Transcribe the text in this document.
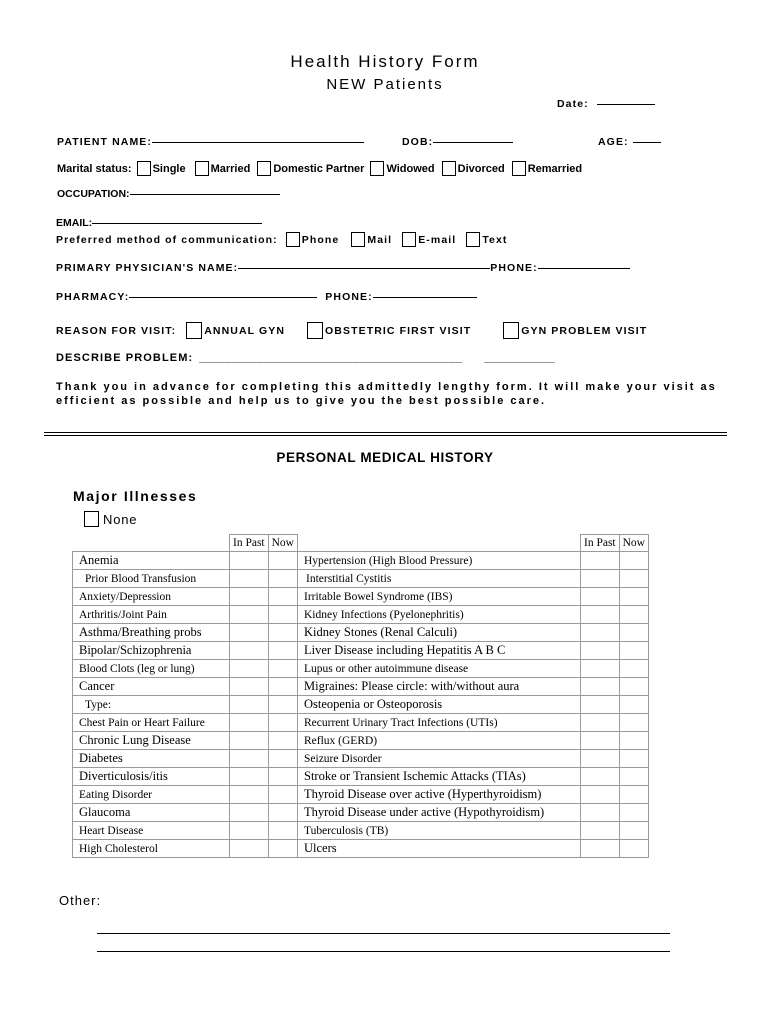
Health History Form
NEW Patients
Date:
PATIENT NAME:	DOB:	AGE:
Marital status: Single Married Domestic Partner Widowed Divorced Remarried
OCCUPATION:
EMAIL:
Preferred method of communication: Phone	Mail E-mail Text
PRIMARY PHYSICIAN'S NAME:	PHONE:
PHARMACY:	PHONE:
REASON FOR VISIT:	ANNUAL GYN	OBSTETRIC FIRST VISIT	GYN PROBLEM VISIT
DESCRIBE PROBLEM: _________________________________________ ___________
Thank you in advance for completing this admittedly lengthy form. It will make your visit as efficient as possible and help us to give you the best possible care.
PERSONAL MEDICAL HISTORY
Major Illnesses
None
	In Past	Now		In Past	Now
Anemia			Hypertension (High Blood Pressure)		
Prior Blood Transfusion			Interstitial Cystitis		
Anxiety/Depression			Irritable Bowel Syndrome (IBS)		
Arthritis/Joint Pain			Kidney Infections (Pyelonephritis)		
Asthma/Breathing probs			Kidney Stones (Renal Calculi)		
Bipolar/Schizophrenia			Liver Disease including Hepatitis A B C		
Blood Clots (leg or lung)			Lupus or other autoimmune disease		
Cancer			Migraines: Please circle: with/without aura		
Type:			Osteopenia or Osteoporosis		
Chest Pain or Heart Failure			Recurrent Urinary Tract Infections (UTIs)		
Chronic Lung Disease			Reflux (GERD)		
Diabetes			Seizure Disorder		
Diverticulosis/itis			Stroke or Transient Ischemic Attacks (TIAs)		
Eating Disorder			Thyroid Disease over active (Hyperthyroidism)		
Glaucoma			Thyroid Disease under active (Hypothyroidism)		
Heart Disease			Tuberculosis (TB)		
High Cholesterol			Ulcers		
Other:
